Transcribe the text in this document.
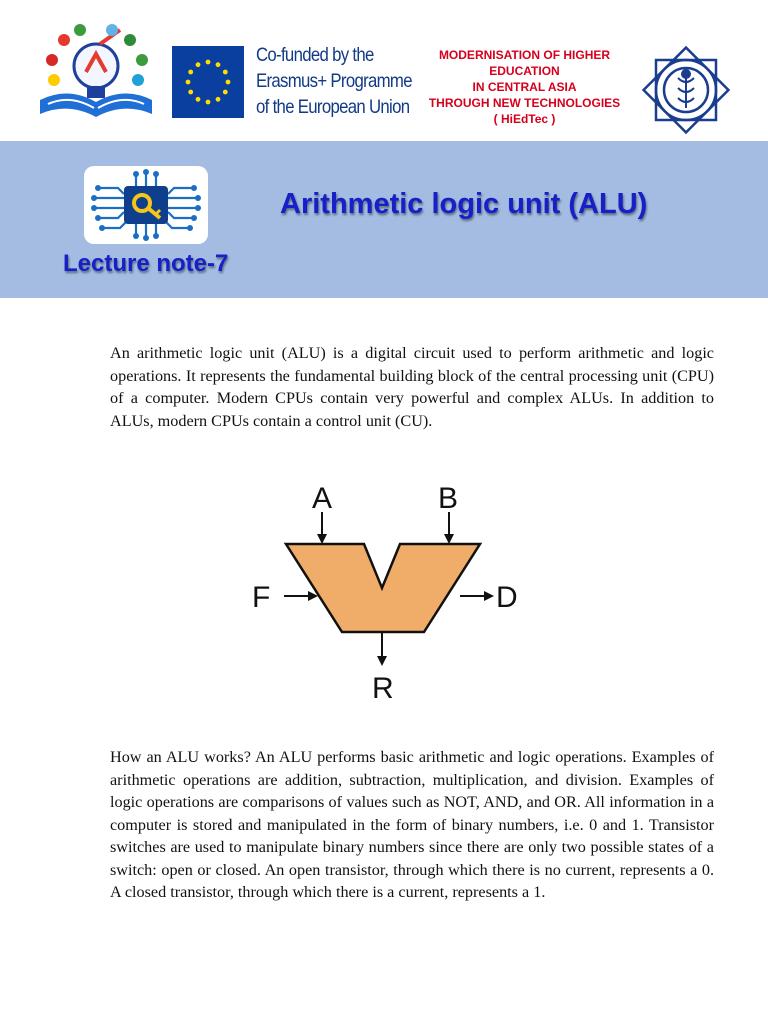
Co-funded by the
Erasmus+ Programme
of the European Union
MODERNISATION OF HIGHER
EDUCATION
IN CENTRAL ASIA
THROUGH NEW TECHNOLOGIES
( HiEdTec )
Arithmetic logic unit (ALU)
Lecture note-7

An arithmetic logic unit (ALU) is a digital circuit used to perform arithmetic and logic operations. It represents the fundamental building block of the central processing unit (CPU) of a computer. Modern CPUs contain very powerful and complex ALUs. In addition to ALUs, modern CPUs contain a control unit (CU).

A	B
F	D
R

How an ALU works? An ALU performs basic arithmetic and logic operations. Examples of arithmetic operations are addition, subtraction, multiplication, and division. Examples of logic operations are comparisons of values such as NOT, AND, and OR. All information in a computer is stored and manipulated in the form of binary numbers, i.e. 0 and 1. Transistor switches are used to manipulate binary numbers since there are only two possible states of a switch: open or closed. An open transistor, through which there is no current, represents a 0. A closed transistor, through which there is a current, represents a 1.
